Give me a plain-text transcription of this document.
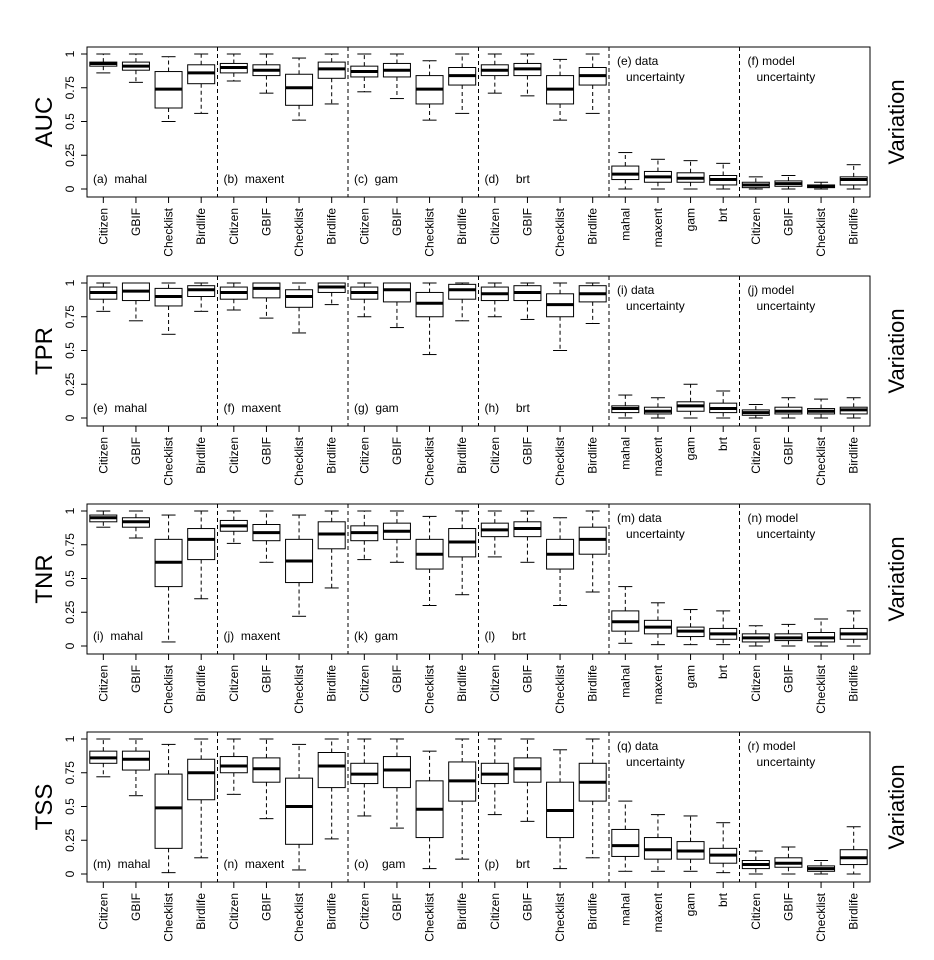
0
0.25
0.5
0.75
1
AUC	Variation
(a)  mahal
Citizen GBIF Checklist Birdlife
(b)  maxent
Citizen GBIF Checklist Birdlife
(c)  gam
Citizen GBIF Checklist Birdlife
(d)     brt
Citizen GBIF Checklist Birdlife
(e) data
uncertainty
mahal maxent gam brt
(f) model
uncertainty
Citizen GBIF Checklist Birdlife
0
0.25
0.5
0.75
1
TPR	Variation
(e)  mahal
Citizen GBIF Checklist Birdlife
(f)  maxent
Citizen GBIF Checklist Birdlife
(g)  gam
Citizen GBIF Checklist Birdlife
(h)     brt
Citizen GBIF Checklist Birdlife
(i) data
uncertainty
mahal maxent gam brt
(j) model
uncertainty
Citizen GBIF Checklist Birdlife
0
0.25
0.5
0.75
1
TNR	Variation
(i)  mahal
Citizen GBIF Checklist Birdlife
(j)  maxent
Citizen GBIF Checklist Birdlife
(k)  gam
Citizen GBIF Checklist Birdlife
(l)     brt
Citizen GBIF Checklist Birdlife
(m) data
uncertainty
mahal maxent gam brt
(n) model
uncertainty
Citizen GBIF Checklist Birdlife
0
0.25
0.5
0.75
1
TSS	Variation
(m)  mahal
Citizen GBIF Checklist Birdlife
(n)  maxent
Citizen GBIF Checklist Birdlife
(o)    gam
Citizen GBIF Checklist Birdlife
(p)     brt
Citizen GBIF Checklist Birdlife
(q) data
uncertainty
mahal maxent gam brt
(r) model
uncertainty
Citizen GBIF Checklist Birdlife
